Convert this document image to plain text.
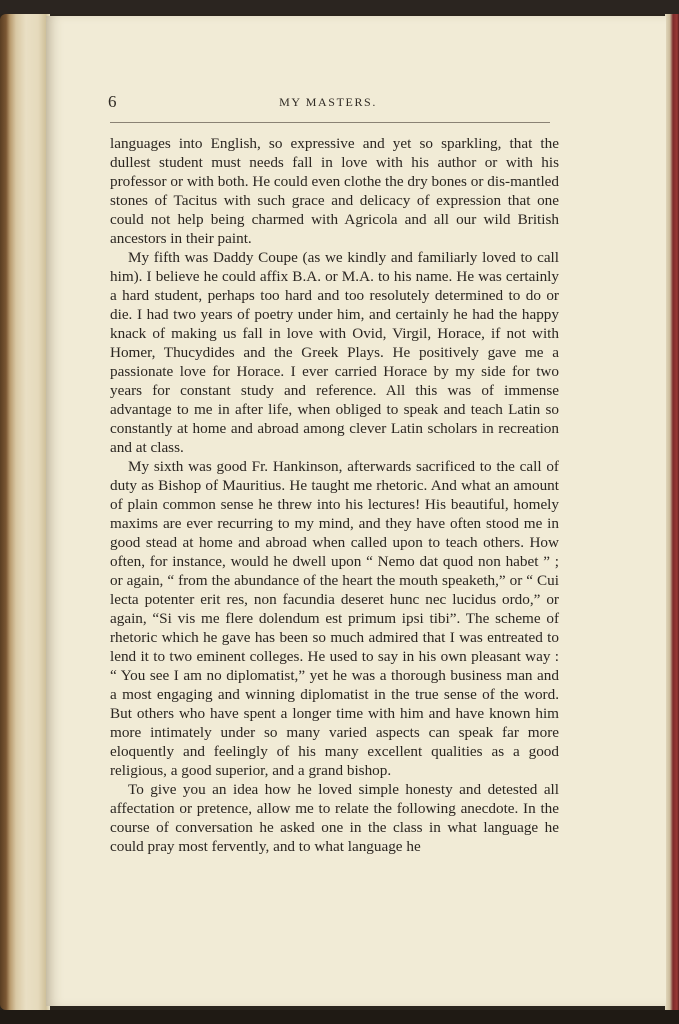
6	MY MASTERS.

languages into English, so expressive and yet so sparkling, that the dullest student must needs fall in love with his author or with his professor or with both. He could even clothe the dry bones or dis-mantled stones of Tacitus with such grace and delicacy of expression that one could not help being charmed with Agricola and all our wild British ancestors in their paint.

My fifth was Daddy Coupe (as we kindly and familiarly loved to call him). I believe he could affix B.A. or M.A. to his name. He was certainly a hard student, perhaps too hard and too resolutely determined to do or die. I had two years of poetry under him, and certainly he had the happy knack of making us fall in love with Ovid, Virgil, Horace, if not with Homer, Thucydides and the Greek Plays. He positively gave me a passionate love for Horace. I ever carried Horace by my side for two years for constant study and reference. All this was of immense advantage to me in after life, when obliged to speak and teach Latin so constantly at home and abroad among clever Latin scholars in recreation and at class.

My sixth was good Fr. Hankinson, afterwards sacrificed to the call of duty as Bishop of Mauritius. He taught me rhetoric. And what an amount of plain common sense he threw into his lectures! His beautiful, homely maxims are ever recurring to my mind, and they have often stood me in good stead at home and abroad when called upon to teach others. How often, for instance, would he dwell upon “ Nemo dat quod non habet ” ; or again, “ from the abundance of the heart the mouth speaketh,” or “ Cui lecta potenter erit res, non facundia deseret hunc nec lucidus ordo,” or again, “Si vis me flere dolendum est primum ipsi tibi”. The scheme of rhetoric which he gave has been so much admired that I was entreated to lend it to two eminent colleges. He used to say in his own pleasant way : “ You see I am no diplomatist,” yet he was a thorough business man and a most engaging and winning diplomatist in the true sense of the word. But others who have spent a longer time with him and have known him more intimately under so many varied aspects can speak far more eloquently and feelingly of his many excellent qualities as a good religious, a good superior, and a grand bishop.

To give you an idea how he loved simple honesty and detested all affectation or pretence, allow me to relate the following anecdote. In the course of conversation he asked one in the class in what language he could pray most fervently, and to what language he
